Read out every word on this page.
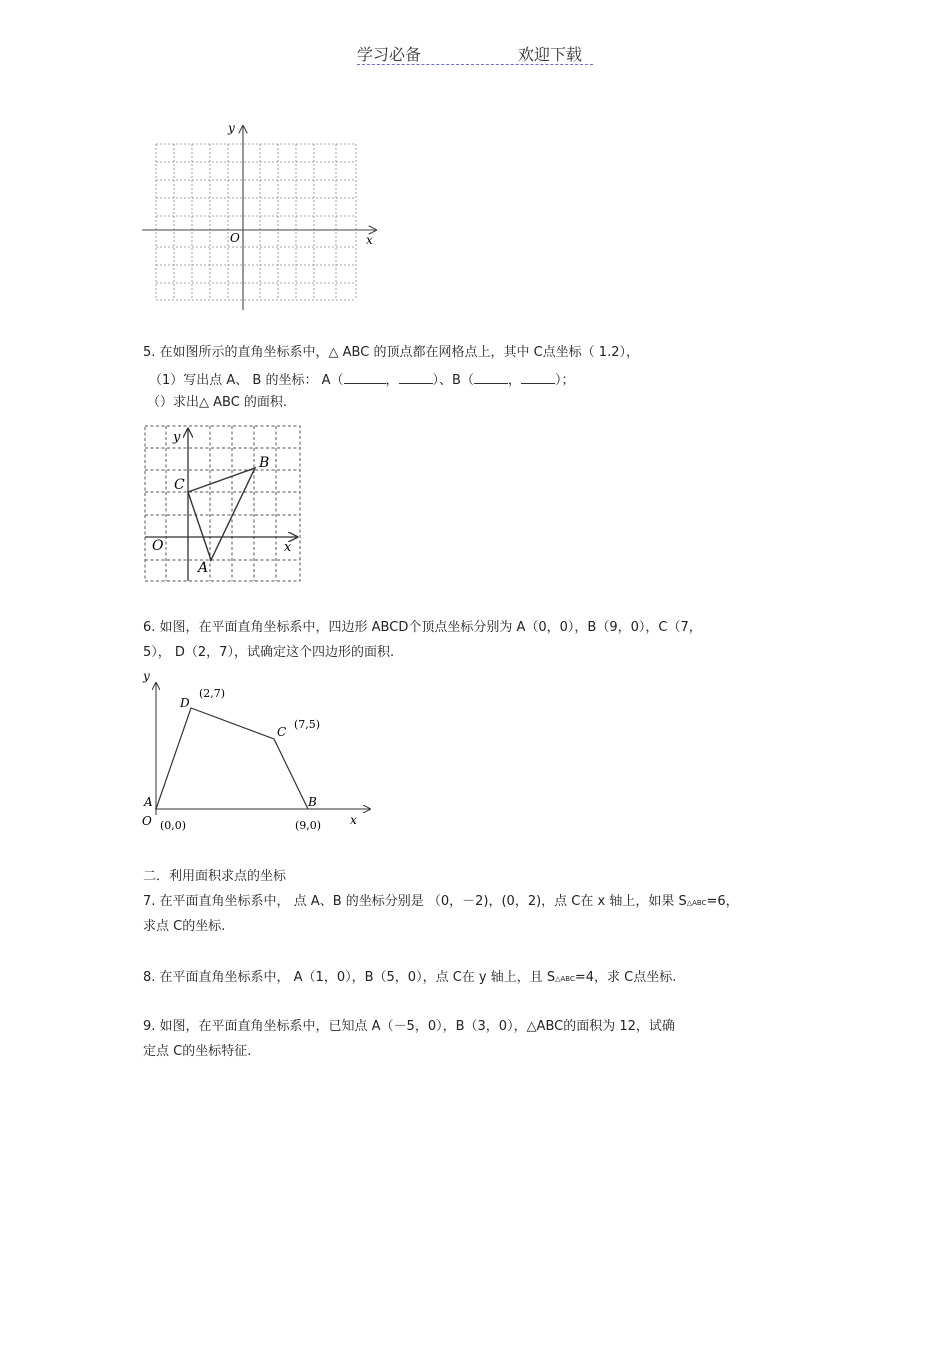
学习必备	欢迎下载
x
y
O
5. 在如图所示的直角坐标系中，△ ABC 的顶点都在网格点上，其中 C点坐标（ 1.2），
（1）写出点 A、 B 的坐标： A（	，	）、B（	，	）；
（）求出△ ABC 的面积.
x
y
O
A
B
C
6. 如图，在平面直角坐标系中，四边形 ABCD个顶点坐标分别为 A（0，0），B（9，0），C（7，
5）， D（2，7），试确定这个四边形的面积.
y
x
O
A	B
C
D
(0,0)	(9,0)
(7,5)
(2,7)
二．利用面积求点的坐标
7. 在平面直角坐标系中， 点 A、B 的坐标分别是 （0，－2)，(0，2)，点 C在 x 轴上，如果 S△ABC=6，
求点 C的坐标.
8. 在平面直角坐标系中， A（1，0），B（5，0），点 C在 y 轴上，且 S△ABC=4，求 C点坐标.
9. 如图，在平面直角坐标系中，已知点 A（－5，0），B（3，0），△ABC的面积为 12，试确
定点 C的坐标特征.
